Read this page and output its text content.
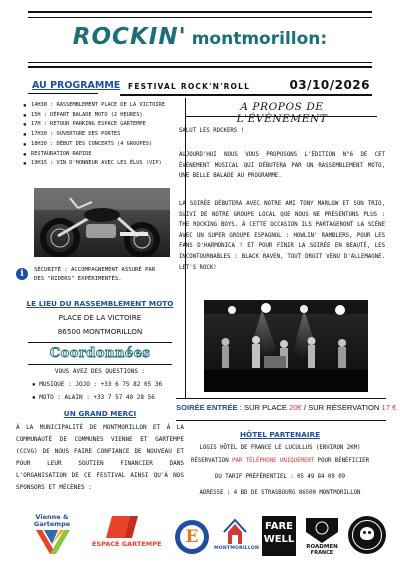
ROCKIN' montmorillon:
AU PROGRAMME FESTIVAL ROCK'N'ROLL	03/10/2026
▪ 14H30 : RASSEMBLEMENT PLACE DE LA VICTOIRE
▪ 15H : DÉPART BALADE MOTO (2 HEURES)
▪ 17H : RETOUR PARKING ESPACE GARTEMPE
▪ 17H30 : OUVERTURE DES PORTES
▪ 18H30 : DÉBUT DES CONCERTS (4 GROUPES)
▪ RESTAURATION RAPIDE
▪ 19H15 : VIN D'HONNEUR AVEC LES ÉLUS (VIP)
i	SÉCURITÉ : ACCOMPAGNEMENT ASSURÉ PAR DES "RIDERS" EXPÉRIMENTÉS.
LE LIEU DU RASSEMBLEMENT MOTO
PLACE DE LA VICTOIRE
86500 MONTMORILLON
Coordonnées
VOUS AVEZ DES QUESTIONS :
▪ MUSIQUE : JOJO : +33 6 75 82 05 36
▪ MOTO : ALAIN : +33 7 57 40 28 56
UN GRAND MERCI
À LA MUNICIPALITÉ DE MONTMORILLON ET À LA COMMUNAUTÉ DE COMMUNES VIENNE ET GARTEMPE (CCVG) DE NOUS FAIRE CONFIANCE DE NOUVEAU ET POUR LEUR SOUTIEN FINANCIER DANS L'ORGANISATION DE CE FESTIVAL AINSI QU'À NOS SPONSORS ET MÉCÈNES :
A PROPOS DE L'ÉVÈNEMENT
SALUT LES ROCKERS !
AUJOURD'HUI NOUS VOUS PROPOSONS L'ÉDITION N°6 DE CET ÉVÈNEMENT MUSICAL QUI DÉBUTERA PAR UN RASSEMBLEMENT MOTO, UNE BELLE BALADE AU PROGRAMME.
LA SOIRÉE DÉBUTERA AVEC NOTRE AMI TONY MARLOW ET SON TRIO, SUIVI DE NOTRE GROUPE LOCAL QUE NOUS NE PRÉSENTONS PLUS : THE ROCKING BOYS. À CETTE OCCASION ILS PARTAGERONT LA SCÈNE AVEC UN SUPER GROUPE ESPAGNOL : HOWLIN' RAMBLERS, POUR LES FANS D'HARMONICA ! ET POUR FINIR LA SOIRÉE EN BEAUTÉ, LES INCONTOURNABLES : BLACK RAVEN, TOUT DROIT VENU D'ALLEMAGNE. LET'S ROCK!
SOIRÉE ENTRÉE : SUR PLACE 20€ / SUR RÉSERVATION 17 €
HÔTEL PARTENAIRE
LOGIS HÔTEL DE FRANCE LE LUCULLUS (ENVIRON 2KM)
RÉSERVATION PAR TÉLÉPHONE UNIQUEMENT POUR BÉNÉFICIER
DU TARIF PRÉFÉRENTIEL : 05 49 84 09 09
ADRESSE : 4 BD DE STRASBOURG 86500 MONTMORILLON
Vienne &
Gartempe
ESPACE GARTEMPE	E
MONTMORILLON
FARE
WELL
ROADMEN
FRANCE
